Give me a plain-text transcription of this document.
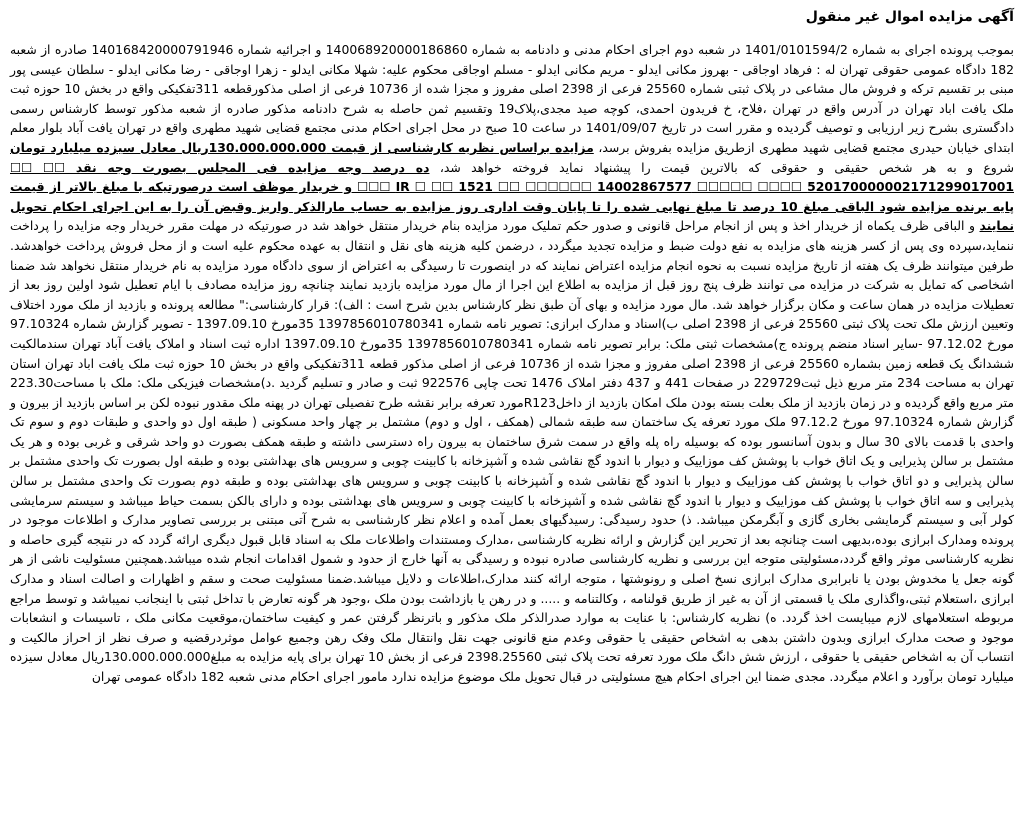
آگهی مزایده اموال غیر منقول

بموجب پرونده اجرای به شماره 1401/0101594/2 در شعبه دوم اجرای احکام مدنی و دادنامه به شماره 140068920000186860 و اجرائیه شماره 140168420000791946 صادره از شعبه 182 دادگاه عمومی حقوقی تهران له : فرهاد اوجاقی - بهروز مکانی ایدلو - مریم مکانی ایدلو - مسلم اوجاقی محکوم علیه: شهلا مکانی ایدلو - زهرا اوجاقی - رضا مکانی ایدلو - سلطان عیسی پور مبنی بر تقسیم ترکه و فروش مال مشاعی در پلاک ثبتی شماره 25560 فرعی از 2398 اصلی مفروز و مجزا شده از 10736 فرعی از اصلی مذکورقطعه 311تفکیکی واقع در بخش 10 حوزه ثبت ملک یافت اباد تهران در آدرس واقع در تهران ،فلاح، خ فریدون احمدی، کوچه صید مجدی،پلاک19 وتقسیم ثمن حاصله به شرح دادنامه مذکور صادره از شعبه مذکور توسط کارشناس رسمی دادگستری بشرح زیر ارزیابی و توصیف گردیده و مقرر است در تاریخ 1401/09/07 در ساعت 10 صبح در محل اجرای احکام مدنی مجتمع قضایی شهید مطهری واقع در تهران یافت آباد بلوار معلم ابتدای خیابان حیدری مجتمع قضایی شهید مطهری ازطریق مزایده بفروش برسد، مزایده براساس نظریه کارشناسی از قیمت 130.000.000.000ریال معادل سیزده میلیارد تومان شروع و به هر شخص حقیقی و حقوقی که بالاترین قیمت را پیشنهاد نماید فروخته خواهد شد، ده درصد وجه مزایده فی المجلس بصورت وجه نقد ☐☐ ☐☐ 520170000002171299017001 ☐☐☐☐ ☐☐☐☐☐ IR ☐ ☐☐ 1521 ☐☐ ☐☐☐☐☐☐ 14002867577 ☐☐☐ و خریدار موظف است درصورتیکه با مبلغ بالاتر از قیمت پایه برنده مزایده شود الباقی مبلغ 10 درصد تا مبلغ نهایی شده را تا پایان وقت اداری روز مزایده به حساب مارالذکر واریز وقبض آن را به این اجرای احکام تحویل نمایند و الباقی ظرف یکماه از خریدار اخذ و پس از انجام مراحل قانونی و صدور حکم تملیک مورد مزایده بنام خریدار منتقل خواهد شد در صورتیکه در مهلت مقرر خریدار وجه مزایده را پرداخت ننماید،سپرده وی پس از کسر هزینه های مزایده به نفع دولت ضبط و مزایده تجدید میگردد ، درضمن کلیه هزینه های نقل و انتقال به عهده محکوم علیه است و از محل فروش پرداخت خواهدشد. طرفین میتوانند ظرف یک هفته از تاریخ مزایده نسبت به نحوه انجام مزایده اعتراض نمایند که در اینصورت تا رسیدگی به اعتراض از سوی دادگاه مورد مزایده به نام خریدار منتقل نخواهد شد ضمنا اشخاصی که تمایل به شرکت در مزایده می توانند ظرف پنج روز قبل از مزایده به اطلاع این اجرا از مال مورد مزایده بازدید نمایند چنانچه روز مزایده مصادف با ایام تعطیل شود اولین روز بعد از تعطیلات مزایده در همان ساعت و مکان برگزار خواهد شد. مال مورد مزایده و بهای آن طبق نظر کارشناس بدین شرح است : الف): قرار کارشناسی:" مطالعه پرونده و بازدید از ملک مورد اختلاف وتعیین ارزش ملک تحت پلاک ثبتی 25560 فرعی از 2398 اصلی ب)اسناد و مدارک ابرازی: تصویر نامه شماره 1397856010780341 35مورخ 1397.09.10 - تصویر گزارش شماره 97.10324 مورخ 97.12.02 -سایر اسناد منضم پرونده ج)مشخصات ثبتی ملک: برابر تصویر نامه شماره 1397856010780341 35مورخ 1397.09.10 اداره ثبت اسناد و املاک یافت آباد تهران سندمالکیت ششدانگ یک قطعه زمین بشماره 25560 فرعی از 2398 اصلی مفروز و مجزا شده از 10736 فرعی از اصلی مذکور قطعه 311تفکیکی واقع در بخش 10 حوزه ثبت ملک یافت اباد تهران استان تهران به مساحت 234 متر مربع ذیل ثبت229729 در صفحات 441 و 437 دفتر املاک 1476 تحت چاپی 922576 ثبت و صادر و تسلیم گردید .د)مشخصات فیزیکی ملک: ملک با مساحت223.30 متر مربع واقع گردیده و در زمان بازدید از ملک بعلت بسته بودن ملک امکان بازدید از داخلR123مورد تعرفه برابر نقشه طرح تفصیلی تهران در پهنه ملک مقدور نبوده لکن بر اساس بازدید از بیرون و گزارش شماره 97.10324 مورخ 97.12.2 ملک مورد تعرفه یک ساختمان سه طبقه شمالی (همکف ، اول و دوم) مشتمل بر چهار واحد مسکونی ( طبقه اول دو واحدی و طبقات دوم و سوم تک واحدی با قدمت بالای 30 سال و بدون آسانسور بوده که بوسیله راه پله واقع در سمت شرق ساختمان به بیرون راه دسترسی داشته و طبقه همکف بصورت دو واحد شرقی و غربی بوده و هر یک مشتمل بر سالن پذیرایی و یک اتاق خواب با پوشش کف موزاییک و دیوار با اندود گچ نقاشی شده و آشپزخانه با کابینت چوبی و سرویس های بهداشتی بوده و طبقه اول بصورت تک واحدی مشتمل بر سالن پذیرایی و دو اتاق خواب با پوشش کف موزاییک و دیوار با اندود گچ نقاشی شده و آشپزخانه با کابینت چوبی و سرویس های بهداشتی بوده و طبقه دوم بصورت تک واحدی مشتمل بر سالن پذیرایی و سه اتاق خواب با پوشش کف موزاییک و دیوار با اندود گچ نقاشی شده و آشپزخانه با کابینت چوبی و سرویس های بهداشتی بوده و دارای بالکن بسمت حیاط میباشد و سیستم سرمایشی کولر آبی و سیستم گرمایشی بخاری گازی و آبگرمکن میباشد. ذ) حدود رسیدگی: رسیدگیهای بعمل آمده و اعلام نظر کارشناسی به شرح آتی مبتنی بر بررسی تصاویر مدارک و اطلاعات موجود در پرونده ومدارک ابرازی بوده،بدیهی است چنانچه بعد از تحریر این گزارش و ارائه نظریه کارشناسی ،مدارک ومستندات واطلاعات ملک به اسناد قابل قبول دیگری ارائه گردد که در نتیجه گیری حاصله و نظریه کارشناسی موثر واقع گردد،مسئولیتی متوجه این بررسی و نظریه کارشناسی صادره نبوده و رسیدگی به آنها خارج از حدود و شمول اقدامات انجام شده میباشد.همچنین مسئولیت ناشی از هر گونه جعل یا مخدوش بودن یا نابرابری مدارک ابرازی نسخ اصلی و رونوشتها ، متوجه ارائه کنند مدارک،اطلاعات و دلایل میباشد.ضمنا مسئولیت صحت و سقم و اظهارات و اصالت اسناد و مدارک ابرازی ،استعلام ثبتی،واگذاری ملک یا قسمتی از آن به غیر از طریق قولنامه ، وکالتنامه و ..... و در رهن یا بازداشت بودن ملک ،وجود هر گونه تعارض با تداخل ثبتی با اینجانب نمیباشد و توسط مراجع مربوطه استعلامهای لازم میبایست اخذ گردد. ه) نظریه کارشناس: با عنایت به موارد صدرالذکر ملک مذکور و باترنظر گرفتن عمر و کیفیت ساختمان،موقعیت مکانی ملک ، تاسیسات و انشعابات موجود و صحت مدارک ابرازی وبدون داشتن بدهی به اشخاص حقیقی یا حقوقی وعدم منع قانونی جهت نقل وانتقال ملک وفک رهن وجمیع عوامل موثردرقضیه و صرف نظر از احراز مالکیت و انتساب آن به اشخاص حقیقی یا حقوقی ، ارزش شش دانگ ملک مورد تعرفه تحت پلاک ثبتی 2398.25560 فرعی از بخش 10 تهران برای پایه مزایده به مبلغ130.000.000.000ریال معادل سیزده میلیارد تومان برآورد و اعلام میگردد. مجدی ضمنا این اجرای احکام هیچ مسئولیتی در قبال تحویل ملک موضوع مزایده ندارد مامور اجرای احکام مدنی شعبه 182 دادگاه عمومی تهران
